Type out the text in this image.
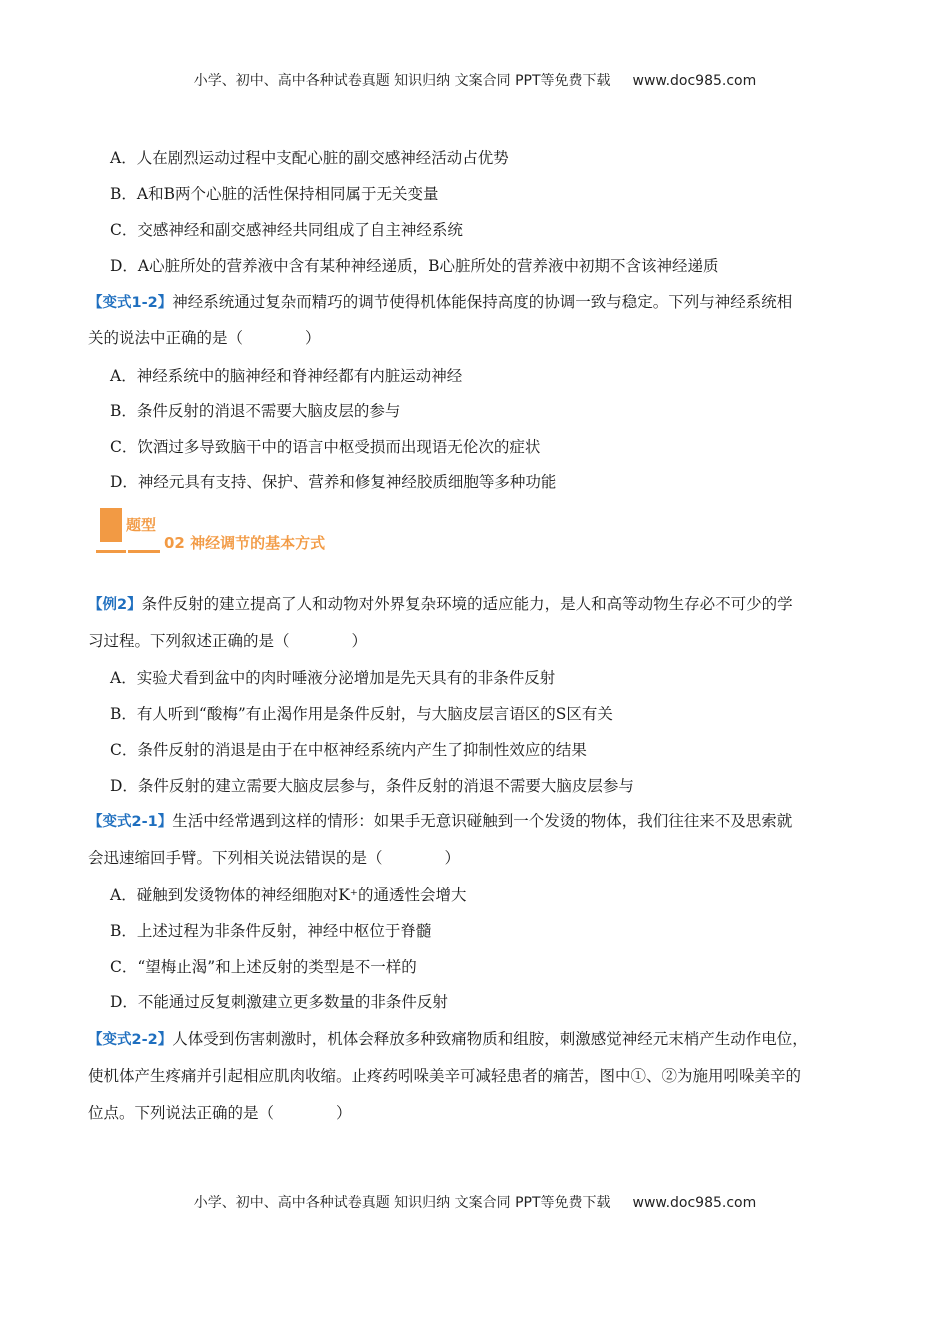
小学、初中、高中各种试卷真题 知识归纳 文案合同 PPT等免费下载 www.doc985.com
A．人在剧烈运动过程中支配心脏的副交感神经活动占优势
B．A和B两个心脏的活性保持相同属于无关变量
C．交感神经和副交感神经共同组成了自主神经系统
D．A心脏所处的营养液中含有某种神经递质，B心脏所处的营养液中初期不含该神经递质
【变式1-2】神经系统通过复杂而精巧的调节使得机体能保持高度的协调一致与稳定。下列与神经系统相
关的说法中正确的是（　　　　）
A．神经系统中的脑神经和脊神经都有内脏运动神经
B．条件反射的消退不需要大脑皮层的参与
C．饮酒过多导致脑干中的语言中枢受损而出现语无伦次的症状
D．神经元具有支持、保护、营养和修复神经胶质细胞等多种功能
题型
02 神经调节的基本方式
【例2】条件反射的建立提高了人和动物对外界复杂环境的适应能力，是人和高等动物生存必不可少的学
习过程。下列叙述正确的是（　　　　）
A．实验犬看到盆中的肉时唾液分泌增加是先天具有的非条件反射
B．有人听到“酸梅”有止渴作用是条件反射，与大脑皮层言语区的S区有关
C．条件反射的消退是由于在中枢神经系统内产生了抑制性效应的结果
D．条件反射的建立需要大脑皮层参与，条件反射的消退不需要大脑皮层参与
【变式2-1】生活中经常遇到这样的情形：如果手无意识碰触到一个发烫的物体，我们往往来不及思索就
会迅速缩回手臂。下列相关说法错误的是（　　　　）
A．碰触到发烫物体的神经细胞对K⁺的通透性会增大
B．上述过程为非条件反射，神经中枢位于脊髓
C．“望梅止渴”和上述反射的类型是不一样的
D．不能通过反复刺激建立更多数量的非条件反射
【变式2-2】人体受到伤害刺激时，机体会释放多种致痛物质和组胺，刺激感觉神经元末梢产生动作电位，
使机体产生疼痛并引起相应肌肉收缩。止疼药吲哚美辛可减轻患者的痛苦，图中①、②为施用吲哚美辛的
位点。下列说法正确的是（　　　　）
小学、初中、高中各种试卷真题 知识归纳 文案合同 PPT等免费下载 www.doc985.com
